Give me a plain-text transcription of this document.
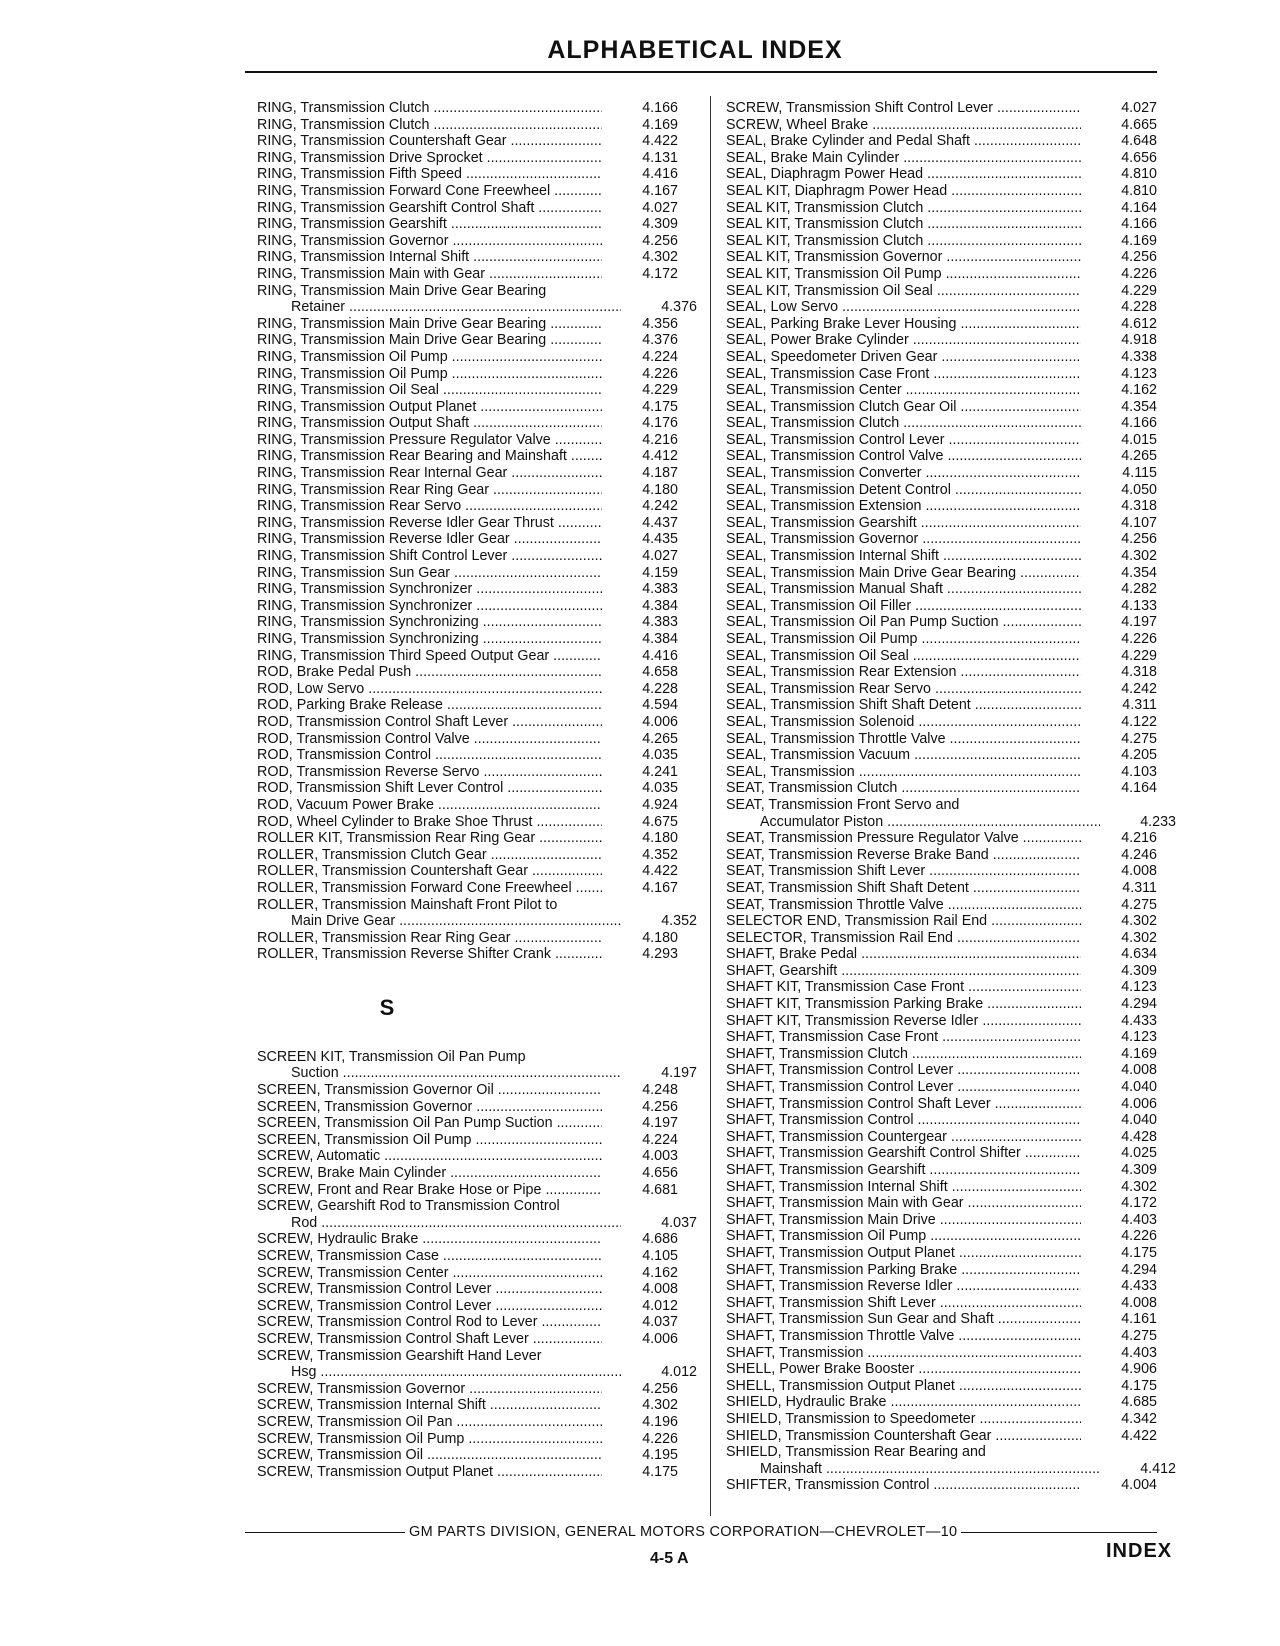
ALPHABETICAL INDEX
RING, Transmission Clutch .....	4.166
RING, Transmission Clutch .....	4.169
RING, Transmission Countershaft Gear .....	4.422
RING, Transmission Drive Sprocket .....	4.131
RING, Transmission Fifth Speed .....	4.416
RING, Transmission Forward Cone Freewheel .....	4.167
RING, Transmission Gearshift Control Shaft .....	4.027
RING, Transmission Gearshift .....	4.309
RING, Transmission Governor .....	4.256
RING, Transmission Internal Shift .....	4.302
RING, Transmission Main with Gear .....	4.172
RING, Transmission Main Drive Gear Bearing
Retainer .....	4.376
RING, Transmission Main Drive Gear Bearing .....	4.356
RING, Transmission Main Drive Gear Bearing .....	4.376
RING, Transmission Oil Pump .....	4.224
RING, Transmission Oil Pump .....	4.226
RING, Transmission Oil Seal .....	4.229
RING, Transmission Output Planet .....	4.175
RING, Transmission Output Shaft .....	4.176
RING, Transmission Pressure Regulator Valve .....	4.216
RING, Transmission Rear Bearing and Mainshaft .....	4.412
RING, Transmission Rear Internal Gear .....	4.187
RING, Transmission Rear Ring Gear .....	4.180
RING, Transmission Rear Servo .....	4.242
RING, Transmission Reverse Idler Gear Thrust .....	4.437
RING, Transmission Reverse Idler Gear .....	4.435
RING, Transmission Shift Control Lever .....	4.027
RING, Transmission Sun Gear .....	4.159
RING, Transmission Synchronizer .....	4.383
RING, Transmission Synchronizer .....	4.384
RING, Transmission Synchronizing .....	4.383
RING, Transmission Synchronizing .....	4.384
RING, Transmission Third Speed Output Gear .....	4.416
ROD, Brake Pedal Push .....	4.658
ROD, Low Servo .....	4.228
ROD, Parking Brake Release .....	4.594
ROD, Transmission Control Shaft Lever .....	4.006
ROD, Transmission Control Valve .....	4.265
ROD, Transmission Control .....	4.035
ROD, Transmission Reverse Servo .....	4.241
ROD, Transmission Shift Lever Control .....	4.035
ROD, Vacuum Power Brake .....	4.924
ROD, Wheel Cylinder to Brake Shoe Thrust .....	4.675
ROLLER KIT, Transmission Rear Ring Gear .....	4.180
ROLLER, Transmission Clutch Gear .....	4.352
ROLLER, Transmission Countershaft Gear .....	4.422
ROLLER, Transmission Forward Cone Freewheel .....	4.167
ROLLER, Transmission Mainshaft Front Pilot to
Main Drive Gear .....	4.352
ROLLER, Transmission Rear Ring Gear .....	4.180
ROLLER, Transmission Reverse Shifter Crank .....	4.293
S
SCREEN KIT, Transmission Oil Pan Pump
Suction .....	4.197
SCREEN, Transmission Governor Oil .....	4.248
SCREEN, Transmission Governor .....	4.256
SCREEN, Transmission Oil Pan Pump Suction .....	4.197
SCREEN, Transmission Oil Pump .....	4.224
SCREW, Automatic .....	4.003
SCREW, Brake Main Cylinder .....	4.656
SCREW, Front and Rear Brake Hose or Pipe .....	4.681
SCREW, Gearshift Rod to Transmission Control
Rod .....	4.037
SCREW, Hydraulic Brake .....	4.686
SCREW, Transmission Case .....	4.105
SCREW, Transmission Center .....	4.162
SCREW, Transmission Control Lever .....	4.008
SCREW, Transmission Control Lever .....	4.012
SCREW, Transmission Control Rod to Lever .....	4.037
SCREW, Transmission Control Shaft Lever .....	4.006
SCREW, Transmission Gearshift Hand Lever
Hsg .....	4.012
SCREW, Transmission Governor .....	4.256
SCREW, Transmission Internal Shift .....	4.302
SCREW, Transmission Oil Pan .....	4.196
SCREW, Transmission Oil Pump .....	4.226
SCREW, Transmission Oil .....	4.195
SCREW, Transmission Output Planet .....	4.175
SCREW, Transmission Shift Control Lever .....	4.027
SCREW, Wheel Brake .....	4.665
SEAL, Brake Cylinder and Pedal Shaft .....	4.648
SEAL, Brake Main Cylinder .....	4.656
SEAL, Diaphragm Power Head .....	4.810
SEAL KIT, Diaphragm Power Head .....	4.810
SEAL KIT, Transmission Clutch .....	4.164
SEAL KIT, Transmission Clutch .....	4.166
SEAL KIT, Transmission Clutch .....	4.169
SEAL KIT, Transmission Governor .....	4.256
SEAL KIT, Transmission Oil Pump .....	4.226
SEAL KIT, Transmission Oil Seal .....	4.229
SEAL, Low Servo .....	4.228
SEAL, Parking Brake Lever Housing .....	4.612
SEAL, Power Brake Cylinder .....	4.918
SEAL, Speedometer Driven Gear .....	4.338
SEAL, Transmission Case Front .....	4.123
SEAL, Transmission Center .....	4.162
SEAL, Transmission Clutch Gear Oil .....	4.354
SEAL, Transmission Clutch .....	4.166
SEAL, Transmission Control Lever .....	4.015
SEAL, Transmission Control Valve .....	4.265
SEAL, Transmission Converter .....	4.115
SEAL, Transmission Detent Control .....	4.050
SEAL, Transmission Extension .....	4.318
SEAL, Transmission Gearshift .....	4.107
SEAL, Transmission Governor .....	4.256
SEAL, Transmission Internal Shift .....	4.302
SEAL, Transmission Main Drive Gear Bearing .....	4.354
SEAL, Transmission Manual Shaft .....	4.282
SEAL, Transmission Oil Filler .....	4.133
SEAL, Transmission Oil Pan Pump Suction .....	4.197
SEAL, Transmission Oil Pump .....	4.226
SEAL, Transmission Oil Seal .....	4.229
SEAL, Transmission Rear Extension .....	4.318
SEAL, Transmission Rear Servo .....	4.242
SEAL, Transmission Shift Shaft Detent .....	4.311
SEAL, Transmission Solenoid .....	4.122
SEAL, Transmission Throttle Valve .....	4.275
SEAL, Transmission Vacuum .....	4.205
SEAL, Transmission .....	4.103
SEAT, Transmission Clutch .....	4.164
SEAT, Transmission Front Servo and
Accumulator Piston .....	4.233
SEAT, Transmission Pressure Regulator Valve .....	4.216
SEAT, Transmission Reverse Brake Band .....	4.246
SEAT, Transmission Shift Lever .....	4.008
SEAT, Transmission Shift Shaft Detent .....	4.311
SEAT, Transmission Throttle Valve .....	4.275
SELECTOR END, Transmission Rail End .....	4.302
SELECTOR, Transmission Rail End .....	4.302
SHAFT, Brake Pedal .....	4.634
SHAFT, Gearshift .....	4.309
SHAFT KIT, Transmission Case Front .....	4.123
SHAFT KIT, Transmission Parking Brake .....	4.294
SHAFT KIT, Transmission Reverse Idler .....	4.433
SHAFT, Transmission Case Front .....	4.123
SHAFT, Transmission Clutch .....	4.169
SHAFT, Transmission Control Lever .....	4.008
SHAFT, Transmission Control Lever .....	4.040
SHAFT, Transmission Control Shaft Lever .....	4.006
SHAFT, Transmission Control .....	4.040
SHAFT, Transmission Countergear .....	4.428
SHAFT, Transmission Gearshift Control Shifter .....	4.025
SHAFT, Transmission Gearshift .....	4.309
SHAFT, Transmission Internal Shift .....	4.302
SHAFT, Transmission Main with Gear .....	4.172
SHAFT, Transmission Main Drive .....	4.403
SHAFT, Transmission Oil Pump .....	4.226
SHAFT, Transmission Output Planet .....	4.175
SHAFT, Transmission Parking Brake .....	4.294
SHAFT, Transmission Reverse Idler .....	4.433
SHAFT, Transmission Shift Lever .....	4.008
SHAFT, Transmission Sun Gear and Shaft .....	4.161
SHAFT, Transmission Throttle Valve .....	4.275
SHAFT, Transmission .....	4.403
SHELL, Power Brake Booster .....	4.906
SHELL, Transmission Output Planet .....	4.175
SHIELD, Hydraulic Brake .....	4.685
SHIELD, Transmission to Speedometer .....	4.342
SHIELD, Transmission Countershaft Gear .....	4.422
SHIELD, Transmission Rear Bearing and
Mainshaft .....	4.412
SHIFTER, Transmission Control .....	4.004
GM PARTS DIVISION, GENERAL MOTORS CORPORATION—CHEVROLET—10
4-5 A	INDEX
